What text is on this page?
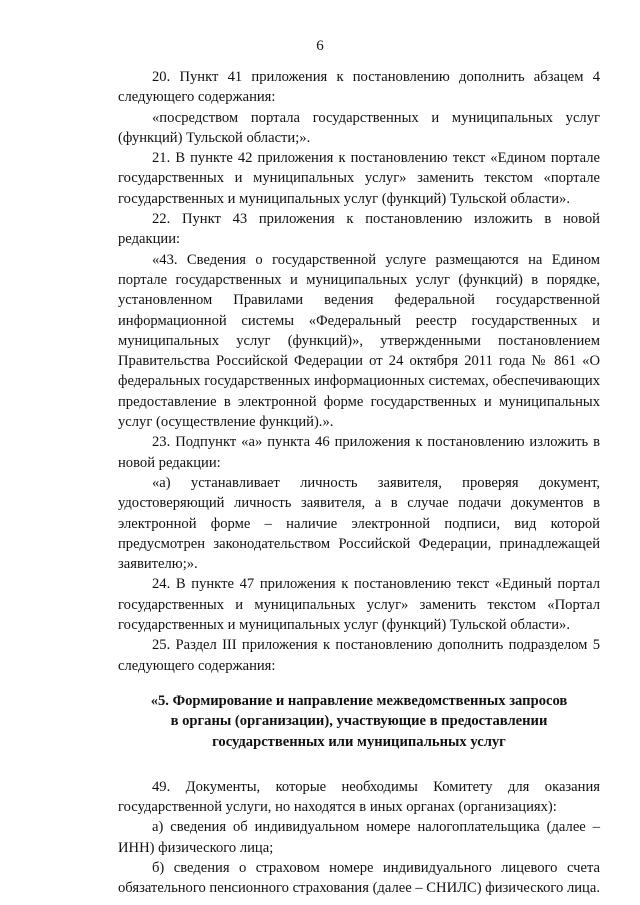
6

20. Пункт 41 приложения к постановлению дополнить абзацем 4 следующего содержания:

«посредством портала государственных и муниципальных услуг (функций) Тульской области;».

21. В пункте 42 приложения к постановлению текст «Едином портале государственных и муниципальных услуг» заменить текстом «портале государственных и муниципальных услуг (функций) Тульской области».

22. Пункт 43 приложения к постановлению изложить в новой редакции:

«43. Сведения о государственной услуге размещаются на Едином портале государственных и муниципальных услуг (функций) в порядке, установленном Правилами ведения федеральной государственной информационной системы «Федеральный реестр государственных и муниципальных услуг (функций)», утвержденными постановлением Правительства Российской Федерации от 24 октября 2011 года № 861 «О федеральных государственных информационных системах, обеспечивающих предоставление в электронной форме государственных и муниципальных услуг (осуществление функций).».

23. Подпункт «а» пункта 46 приложения к постановлению изложить в новой редакции:

«а) устанавливает личность заявителя, проверяя документ, удостоверяющий личность заявителя, а в случае подачи документов в электронной форме – наличие электронной подписи, вид которой предусмотрен законодательством Российской Федерации, принадлежащей заявителю;».

24. В пункте 47 приложения к постановлению текст «Единый портал государственных и муниципальных услуг» заменить текстом «Портал государственных и муниципальных услуг (функций) Тульской области».

25. Раздел III приложения к постановлению дополнить подразделом 5 следующего содержания:

«5. Формирование и направление межведомственных запросов
в органы (организации), участвующие в предоставлении
государственных или муниципальных услуг

49. Документы, которые необходимы Комитету для оказания государственной услуги, но находятся в иных органах (организациях):

а) сведения об индивидуальном номере налогоплательщика (далее – ИНН) физического лица;

б) сведения о страховом номере индивидуального лицевого счета обязательного пенсионного страхования (далее – СНИЛС) физического лица.
